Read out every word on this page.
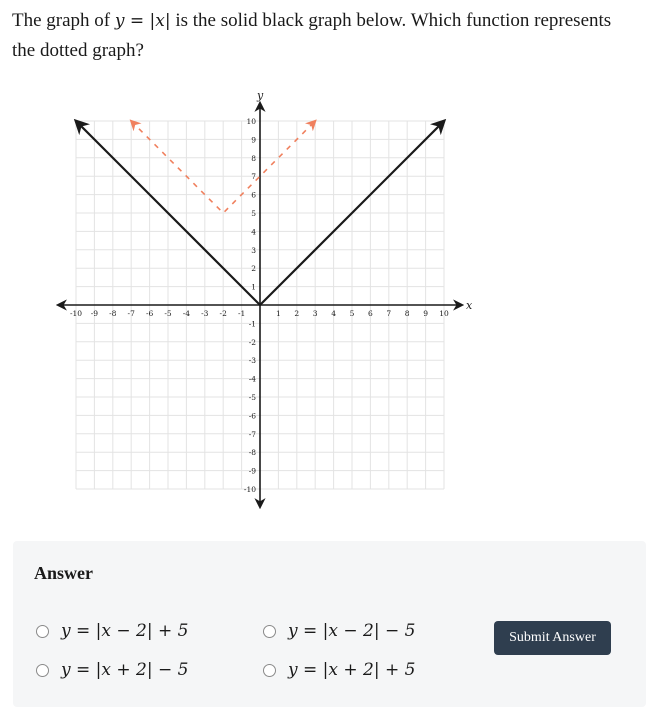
The graph of y = |x| is the solid black graph below. Which function represents the dotted graph?
x
y
-10 -9 -8 -7 -6 -5 -4 -3 -2 -1	1 2 3 4 5 6 7 8 9 10
-10
-9
-8
-7
-6
-5
-4
-3
-2
-1
1
2
3
4
5
6
7
8
9
10
Answer
y = |x − 2| + 5	y = |x − 2| − 5
y = |x + 2| − 5	y = |x + 2| + 5
Submit Answer
